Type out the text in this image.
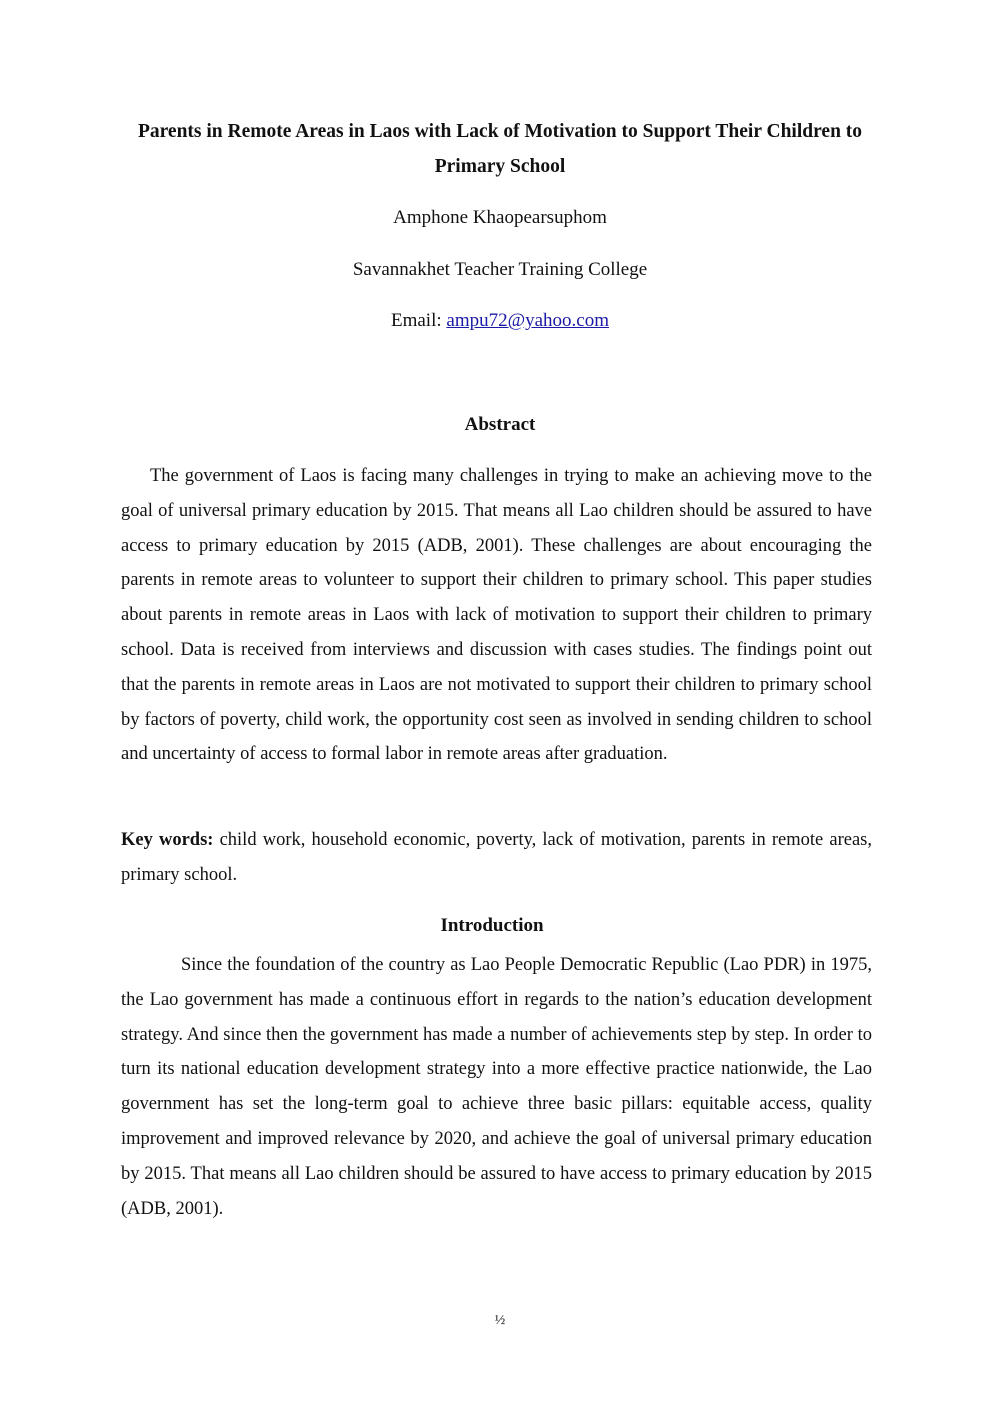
Parents in Remote Areas in Laos with Lack of Motivation to Support Their Children to Primary School
Amphone Khaopearsuphom
Savannakhet Teacher Training College
Email: ampu72@yahoo.com
Abstract

The government of Laos is facing many challenges in trying to make an achieving move to the goal of universal primary education by 2015. That means all Lao children should be assured to have access to primary education by 2015 (ADB, 2001). These challenges are about encouraging the parents in remote areas to volunteer to support their children to primary school. This paper studies about parents in remote areas in Laos with lack of motivation to support their children to primary school. Data is received from interviews and discussion with cases studies. The findings point out that the parents in remote areas in Laos are not motivated to support their children to primary school by factors of poverty, child work, the opportunity cost seen as involved in sending children to school and uncertainty of access to formal labor in remote areas after graduation.

Key words: child work, household economic, poverty, lack of motivation, parents in remote areas, primary school.

Introduction

Since the foundation of the country as Lao People Democratic Republic (Lao PDR) in 1975, the Lao government has made a continuous effort in regards to the nation’s education development strategy. And since then the government has made a number of achievements step by step. In order to turn its national education development strategy into a more effective practice nationwide, the Lao government has set the long-term goal to achieve three basic pillars: equitable access, quality improvement and improved relevance by 2020, and achieve the goal of universal primary education by 2015. That means all Lao children should be assured to have access to primary education by 2015 (ADB, 2001).

½
